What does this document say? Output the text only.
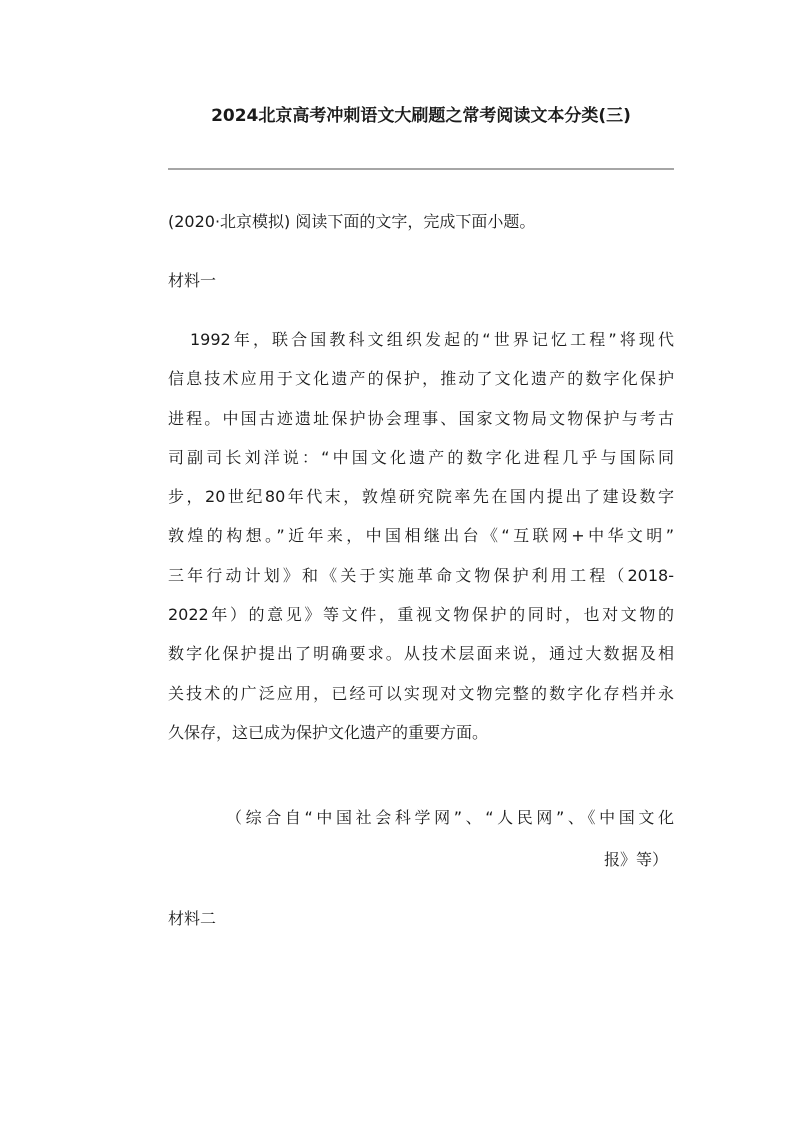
2024北京高考冲刺语文大刷题之常考阅读文本分类(三)
(2020·北京模拟) 阅读下面的文字，完成下面小题。
材料一
1992年，联合国教科文组织发起的“世界记忆工程”将现代
信息技术应用于文化遗产的保护，推动了文化遗产的数字化保护
进程。中国古迹遗址保护协会理事、国家文物局文物保护与考古
司副司长刘洋说：“中国文化遗产的数字化进程几乎与国际同
步，20世纪80年代末，敦煌研究院率先在国内提出了建设数字
敦煌的构想。”近年来，中国相继出台《“互联网+中华文明”
三年行动计划》和《关于实施革命文物保护利用工程（2018-
2022年）的意见》等文件，重视文物保护的同时，也对文物的
数字化保护提出了明确要求。从技术层面来说，通过大数据及相
关技术的广泛应用，已经可以实现对文物完整的数字化存档并永
久保存，这已成为保护文化遗产的重要方面。
（综合自“中国社会科学网”、“人民网”、《中国文化
报》等）
材料二
